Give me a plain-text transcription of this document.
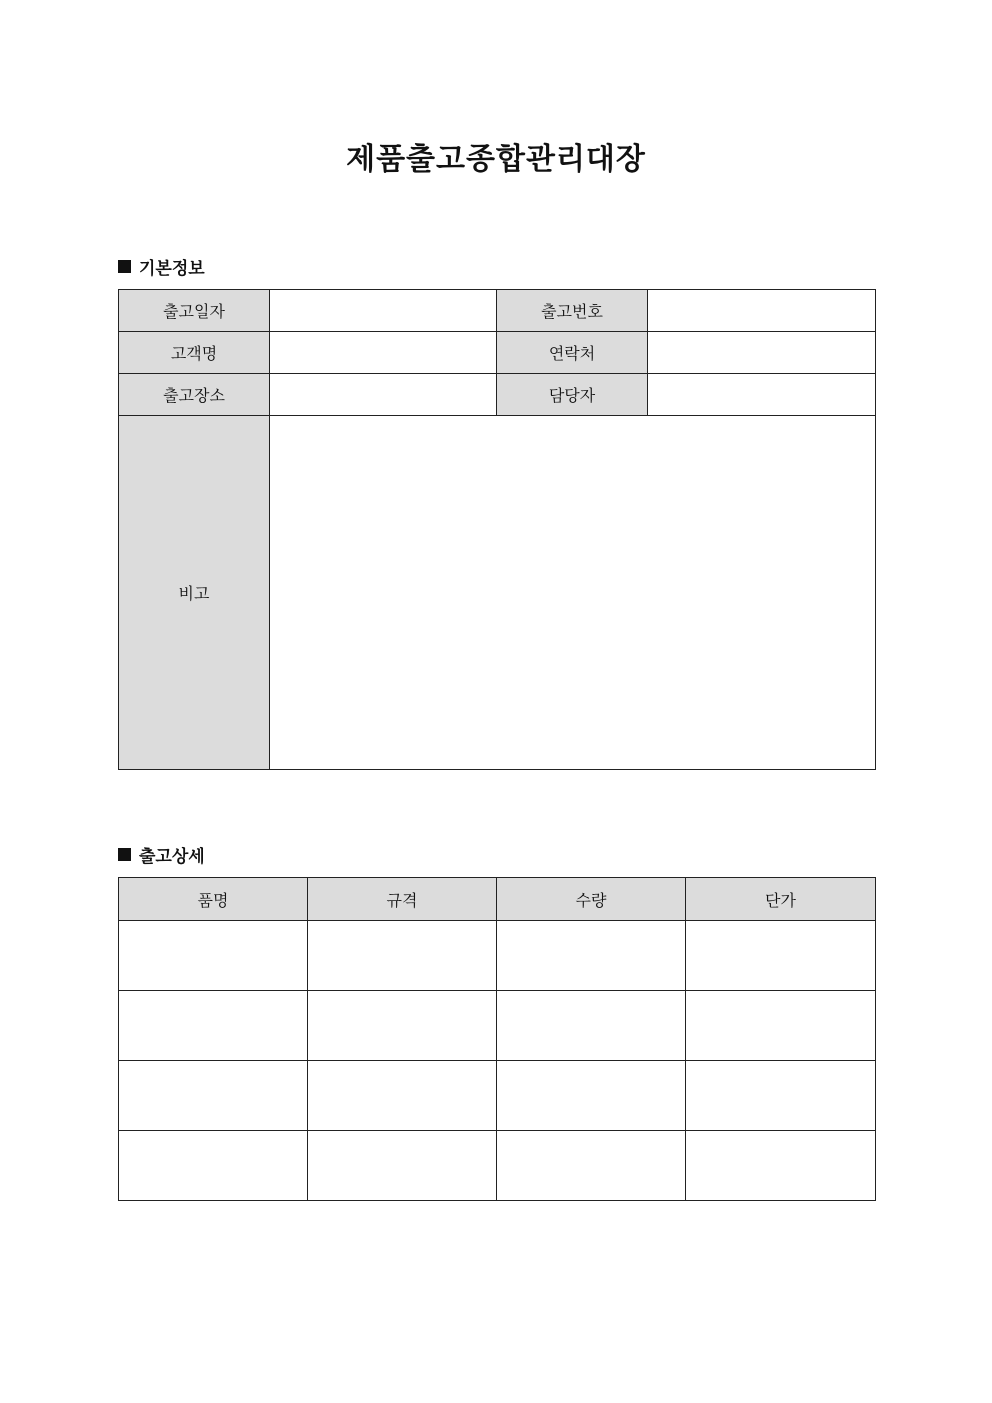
제품출고종합관리대장
기본정보
출고일자		출고번호	
고객명		연락처	
출고장소		담당자	
비고			
출고상세
품명	규격	수량	단가
